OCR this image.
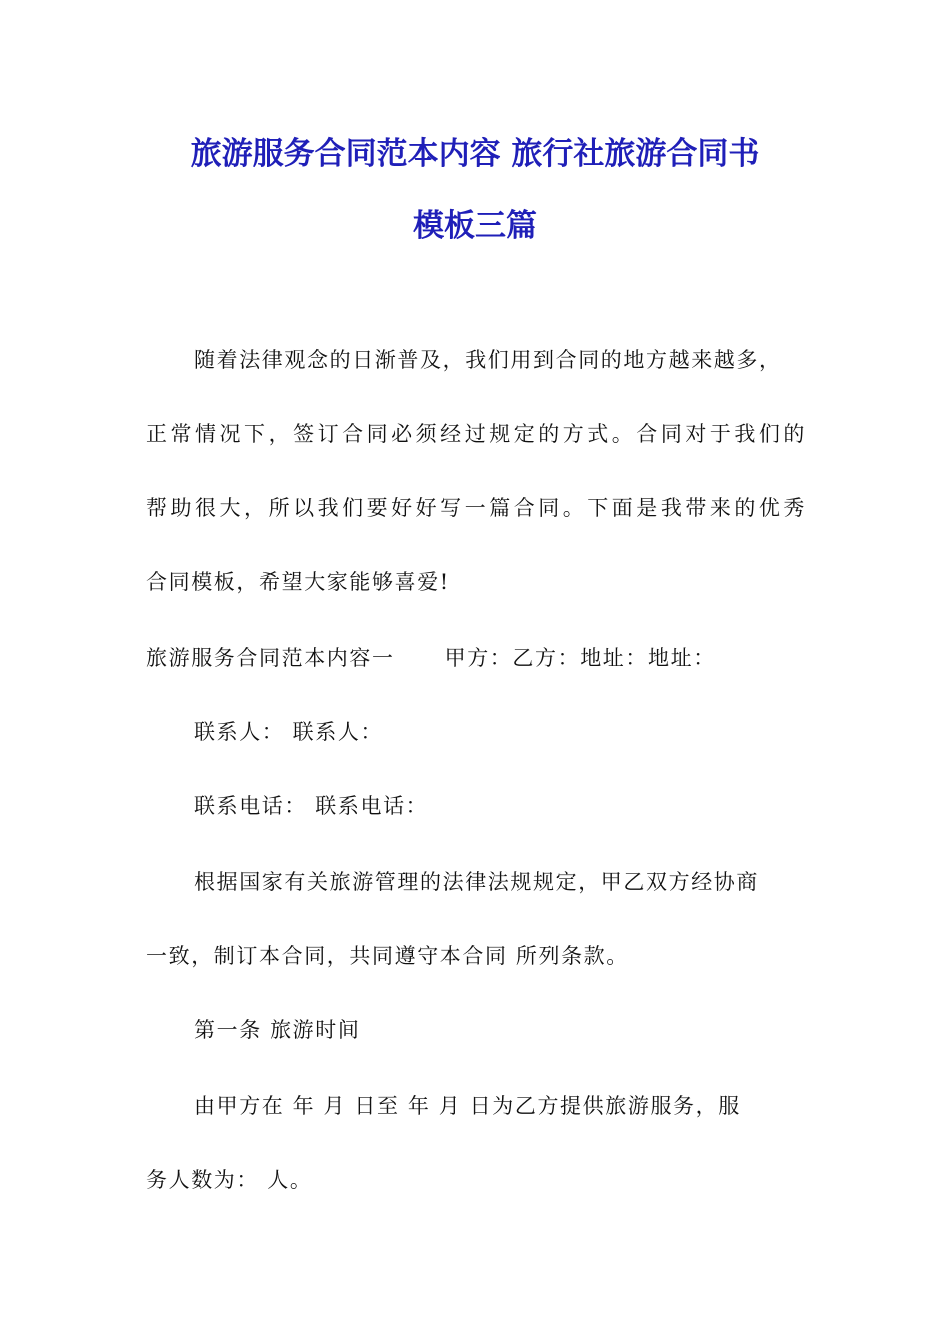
旅游服务合同范本内容 旅行社旅游合同书
模板三篇
随着法律观念的日渐普及，我们用到合同的地方越来越多，
正常情况下，签订合同必须经过规定的方式。合同对于我们的
帮助很大，所以我们要好好写一篇合同。下面是我带来的优秀
合同模板，希望大家能够喜爱!
旅游服务合同范本内容一 甲方：乙方：地址：地址：
联系人： 联系人：
联系电话： 联系电话：
根据国家有关旅游管理的法律法规规定，甲乙双方经协商
一致，制订本合同，共同遵守本合同 所列条款。
第一条 旅游时间
由甲方在 年 月 日至 年 月 日为乙方提供旅游服务，服
务人数为： 人。
